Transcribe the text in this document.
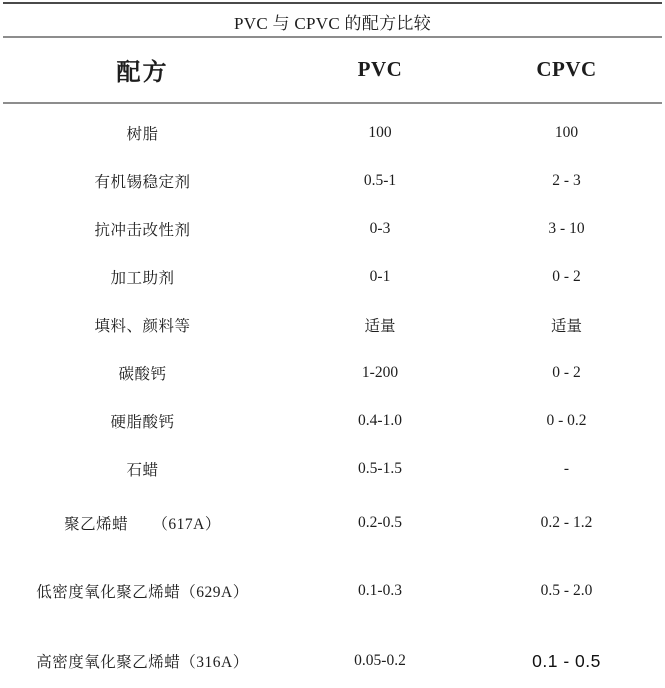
PVC 与 CPVC 的配方比较
配方	PVC	CPVC
树脂	100	100
有机锡稳定剂	0.5-1	2 - 3
抗冲击改性剂	0-3	3 - 10
加工助剂	0-1	0 - 2
填料、颜料等	适量	适量
碳酸钙	1-200	0 - 2
硬脂酸钙	0.4-1.0	0 - 0.2
石蜡	0.5-1.5	-
聚乙烯蜡　　（617A）	0.2-0.5	0.2 - 1.2
低密度氧化聚乙烯蜡（629A）	0.1-0.3	0.5 - 2.0
高密度氧化聚乙烯蜡（316A）	0.05-0.2	0.1 - 0.5
